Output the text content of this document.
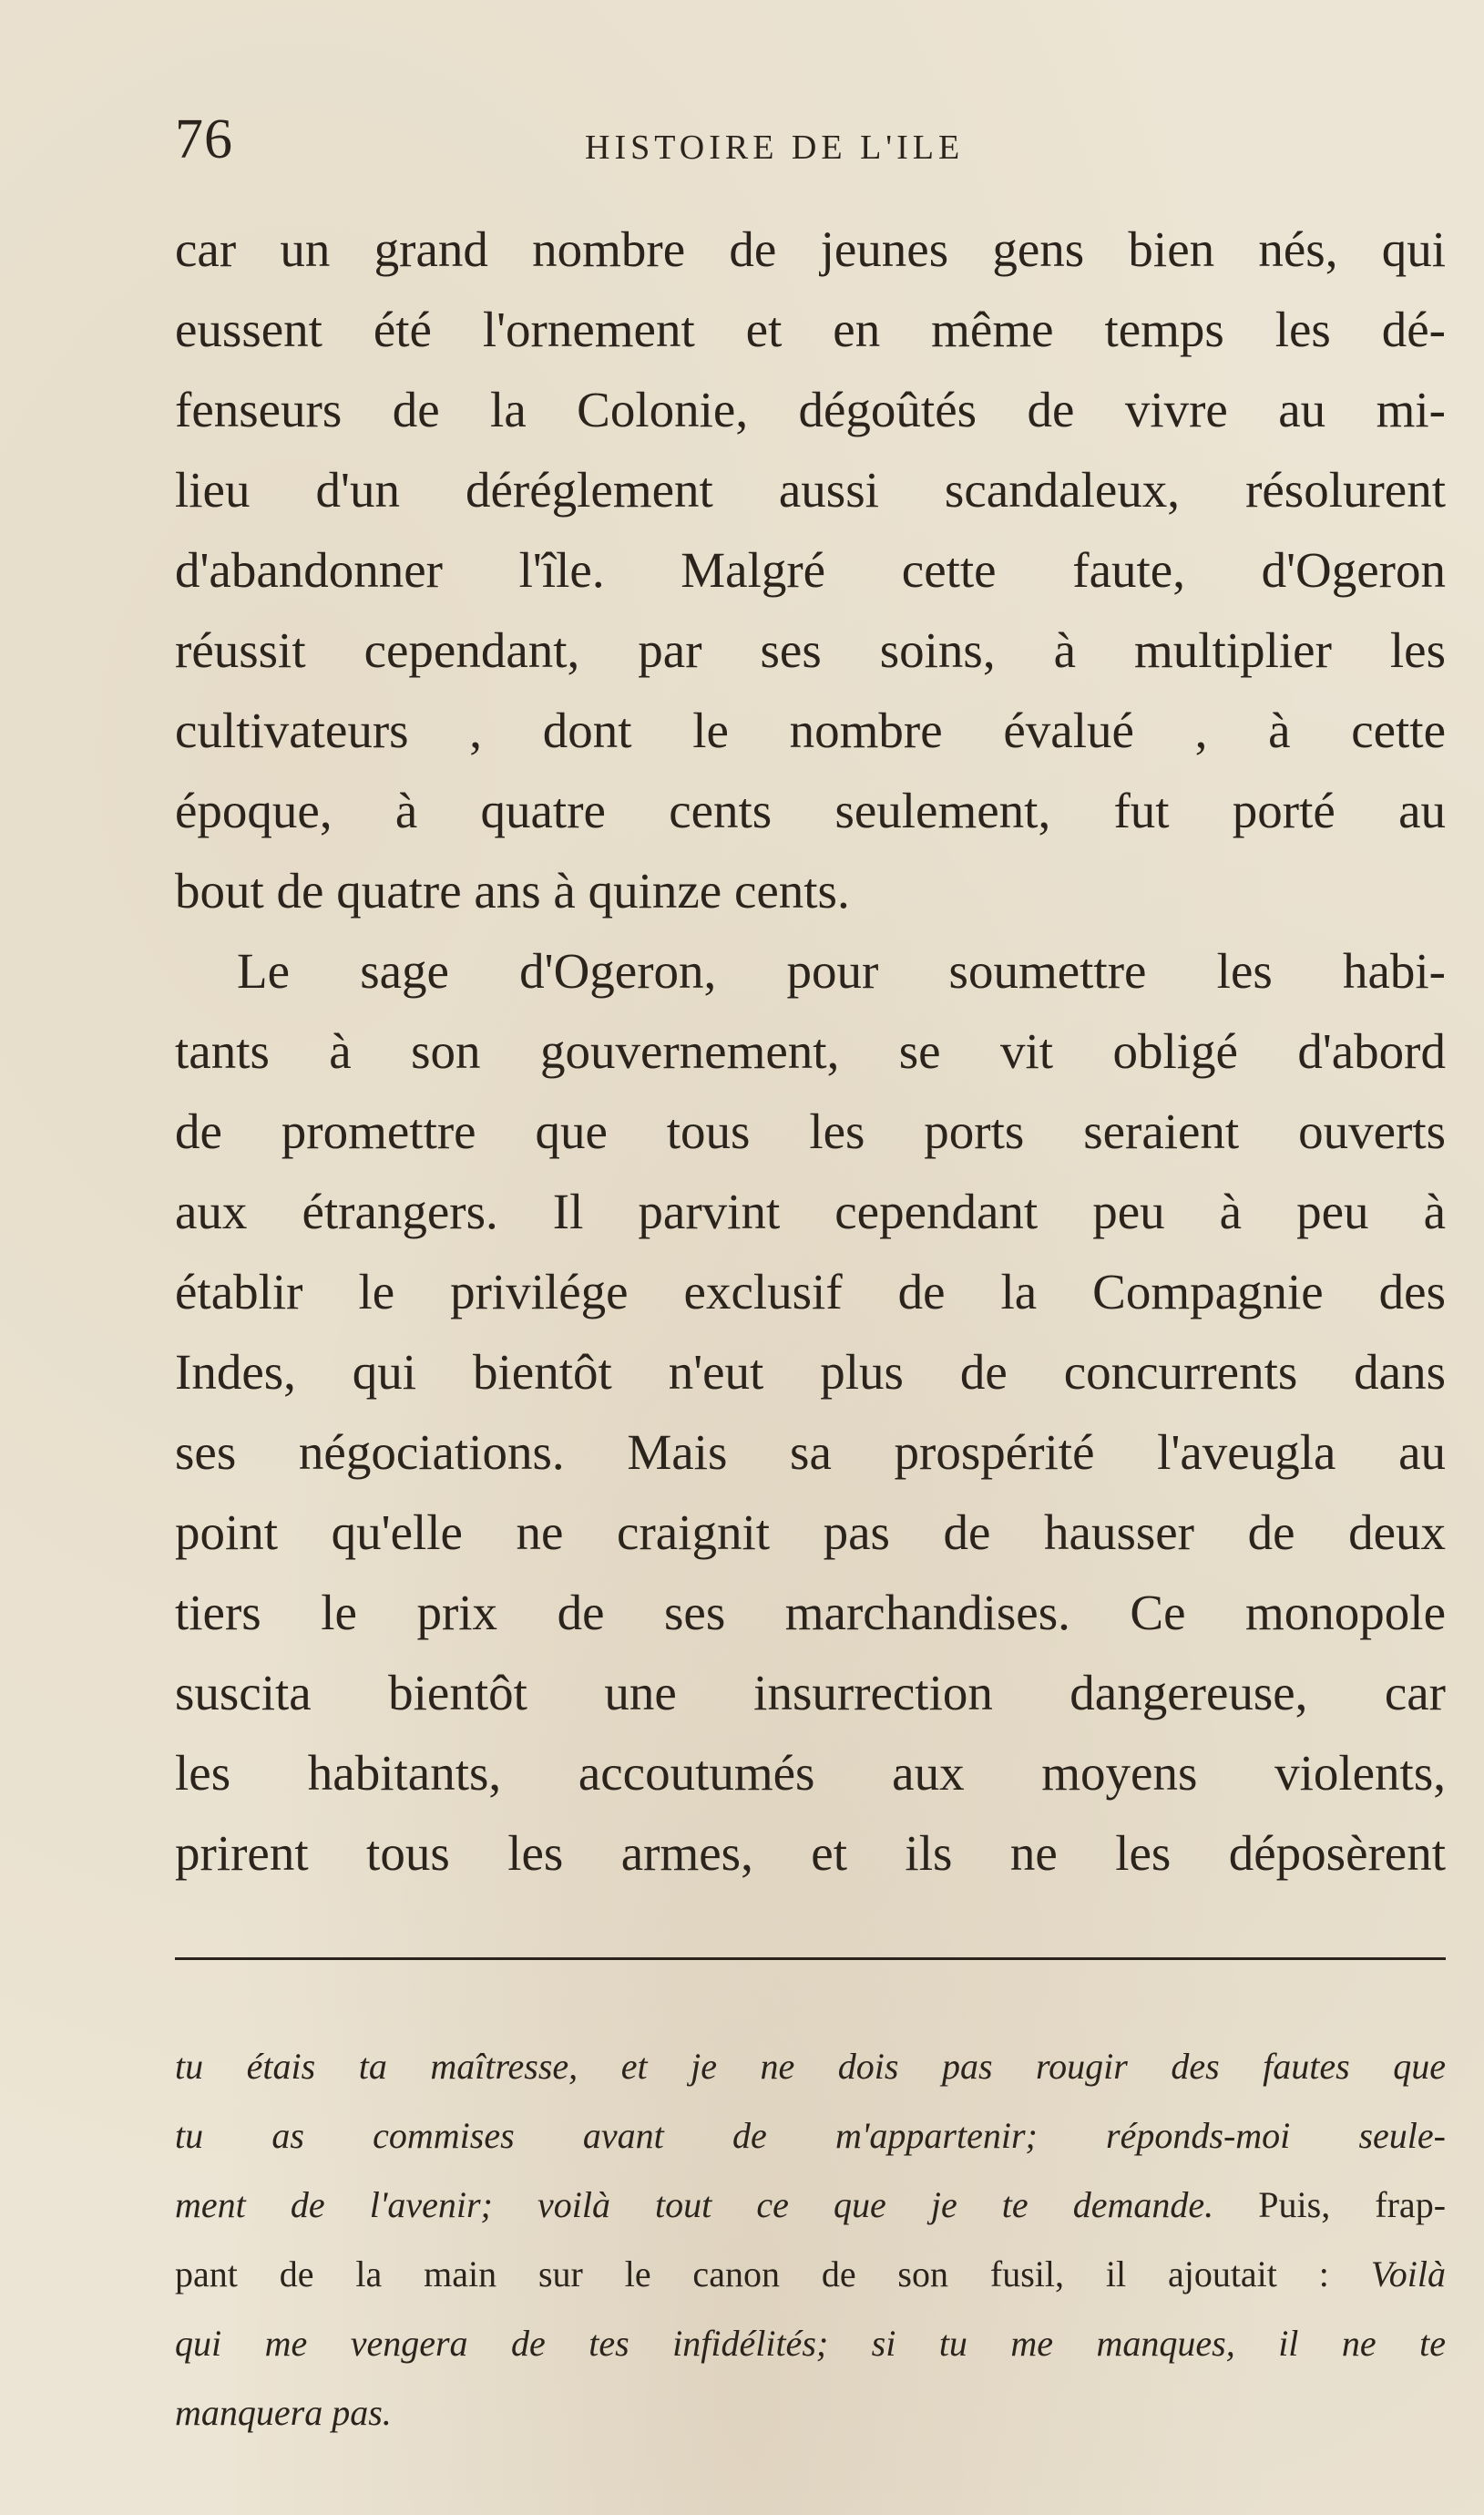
76	HISTOIRE DE L'ILE
car un grand nombre de jeunes gens bien nés, qui
eussent été l'ornement et en même temps les dé-
fenseurs de la Colonie, dégoûtés de vivre au mi-
lieu d'un déréglement aussi scandaleux, résolurent
d'abandonner l'île. Malgré cette faute, d'Ogeron
réussit cependant, par ses soins, à multiplier les
cultivateurs , dont le nombre évalué , à cette
époque, à quatre cents seulement, fut porté au
bout de quatre ans à quinze cents.
Le sage d'Ogeron, pour soumettre les habi-
tants à son gouvernement, se vit obligé d'abord
de promettre que tous les ports seraient ouverts
aux étrangers. Il parvint cependant peu à peu à
établir le privilége exclusif de la Compagnie des
Indes, qui bientôt n'eut plus de concurrents dans
ses négociations. Mais sa prospérité l'aveugla au
point qu'elle ne craignit pas de hausser de deux
tiers le prix de ses marchandises. Ce monopole
suscita bientôt une insurrection dangereuse, car
les habitants, accoutumés aux moyens violents,
prirent tous les armes, et ils ne les déposèrent
tu étais ta maîtresse, et je ne dois pas rougir des fautes que
tu as commises avant de m'appartenir; réponds-moi seule-
ment de l'avenir; voilà tout ce que je te demande. Puis, frap-
pant de la main sur le canon de son fusil, il ajoutait : Voilà
qui me vengera de tes infidélités; si tu me manques, il ne te
manquera pas.
